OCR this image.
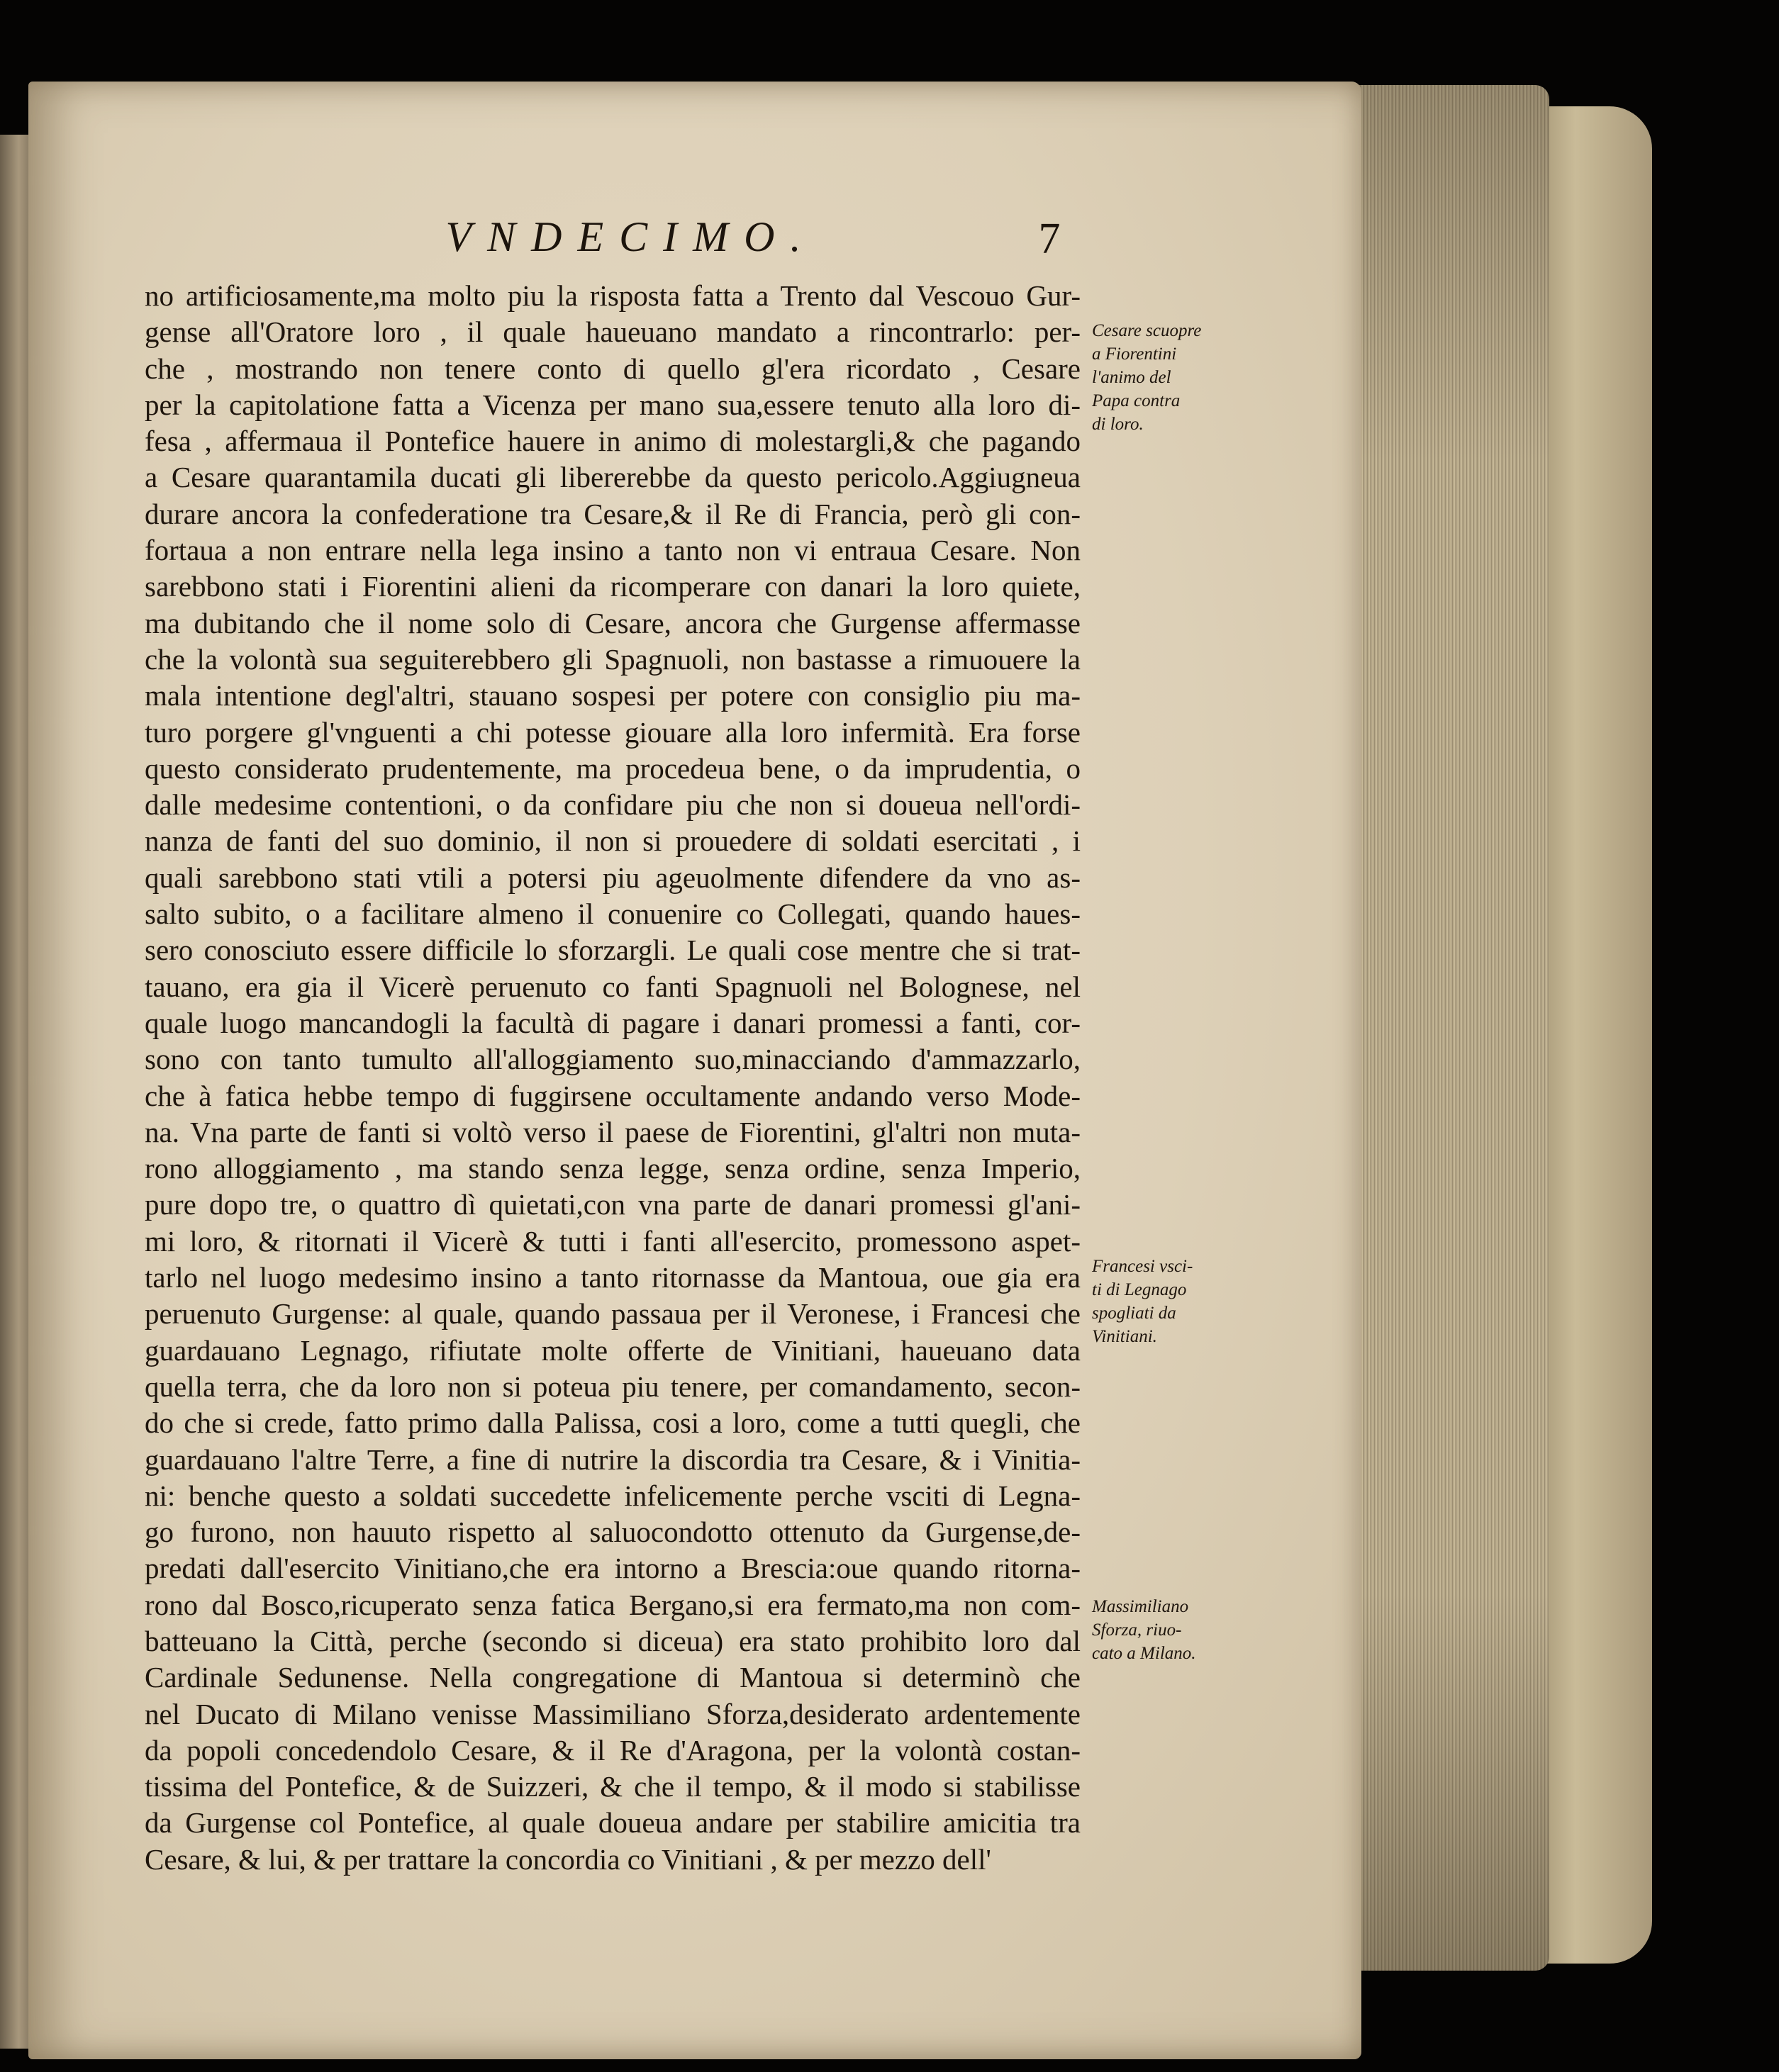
VNDECIMO.	7
no artificiosamente,ma molto piu la risposta fatta a Trento dal Vescouo Gur-
gense all'Oratore loro , il quale haueuano mandato a rincontrarlo: per-
che , mostrando non tenere conto di quello gl'era ricordato , Cesare
per la capitolatione fatta a Vicenza per mano sua,essere tenuto alla loro di-
fesa , affermaua il Pontefice hauere in animo di molestargli,& che pagando
a Cesare quarantamila ducati gli libererebbe da questo pericolo.Aggiugneua
durare ancora la confederatione tra Cesare,& il Re di Francia, però gli con-
fortaua a non entrare nella lega insino a tanto non vi entraua Cesare. Non
sarebbono stati i Fiorentini alieni da ricomperare con danari la loro quiete,
ma dubitando che il nome solo di Cesare, ancora che Gurgense affermasse
che la volontà sua seguiterebbero gli Spagnuoli, non bastasse a rimuouere la
mala intentione degl'altri, stauano sospesi per potere con consiglio piu ma-
turo porgere gl'vnguenti a chi potesse giouare alla loro infermità. Era forse
questo considerato prudentemente, ma procedeua bene, o da imprudentia, o
dalle medesime contentioni, o da confidare piu che non si doueua nell'ordi-
nanza de fanti del suo dominio, il non si prouedere di soldati esercitati , i
quali sarebbono stati vtili a potersi piu ageuolmente difendere da vno as-
salto subito, o a facilitare almeno il conuenire co Collegati, quando haues-
sero conosciuto essere difficile lo sforzargli. Le quali cose mentre che si trat-
tauano, era gia il Vicerè peruenuto co fanti Spagnuoli nel Bolognese, nel
quale luogo mancandogli la facultà di pagare i danari promessi a fanti, cor-
sono con tanto tumulto all'alloggiamento suo,minacciando d'ammazzarlo,
che à fatica hebbe tempo di fuggirsene occultamente andando verso Mode-
na. Vna parte de fanti si voltò verso il paese de Fiorentini, gl'altri non muta-
rono alloggiamento , ma stando senza legge, senza ordine, senza Imperio,
pure dopo tre, o quattro dì quietati,con vna parte de danari promessi gl'ani-
mi loro, & ritornati il Vicerè & tutti i fanti all'esercito, promessono aspet-
tarlo nel luogo medesimo insino a tanto ritornasse da Mantoua, oue gia era
peruenuto Gurgense: al quale, quando passaua per il Veronese, i Francesi che
guardauano Legnago, rifiutate molte offerte de Vinitiani, haueuano data
quella terra, che da loro non si poteua piu tenere, per comandamento, secon-
do che si crede, fatto primo dalla Palissa, cosi a loro, come a tutti quegli, che
guardauano l'altre Terre, a fine di nutrire la discordia tra Cesare, & i Vinitia-
ni: benche questo a soldati succedette infelicemente perche vsciti di Legna-
go furono, non hauuto rispetto al saluocondotto ottenuto da Gurgense,de-
predati dall'esercito Vinitiano,che era intorno a Brescia:oue quando ritorna-
rono dal Bosco,ricuperato senza fatica Bergano,si era fermato,ma non com-
batteuano la Città, perche (secondo si diceua) era stato prohibito loro dal
Cardinale Sedunense. Nella congregatione di Mantoua si determinò che
nel Ducato di Milano venisse Massimiliano Sforza,desiderato ardentemente
da popoli concedendolo Cesare, & il Re d'Aragona, per la volontà costan-
tissima del Pontefice, & de Suizzeri, & che il tempo, & il modo si stabilisse
da Gurgense col Pontefice, al quale doueua andare per stabilire amicitia tra
Cesare, & lui, & per trattare la concordia co Vinitiani , & per mezzo dell'
Cesare scuopre
a Fiorentini
l'animo del
Papa contra
di loro.
Francesi vsci-
ti di Legnago
spogliati da
Vinitiani.
Massimiliano
Sforza, riuo-
cato a Milano.
